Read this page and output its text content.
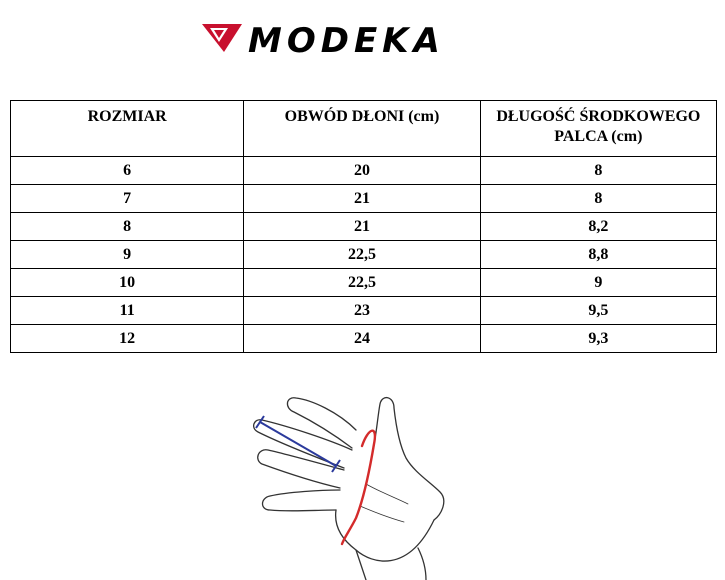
MODEKA
ROZMIAR	OBWÓD DŁONI (cm)	DŁUGOŚĆ ŚRODKOWEGO PALCA (cm)
6	20	8
7	21	8
8	21	8,2
9	22,5	8,8
10	22,5	9
11	23	9,5
12	24	9,3
